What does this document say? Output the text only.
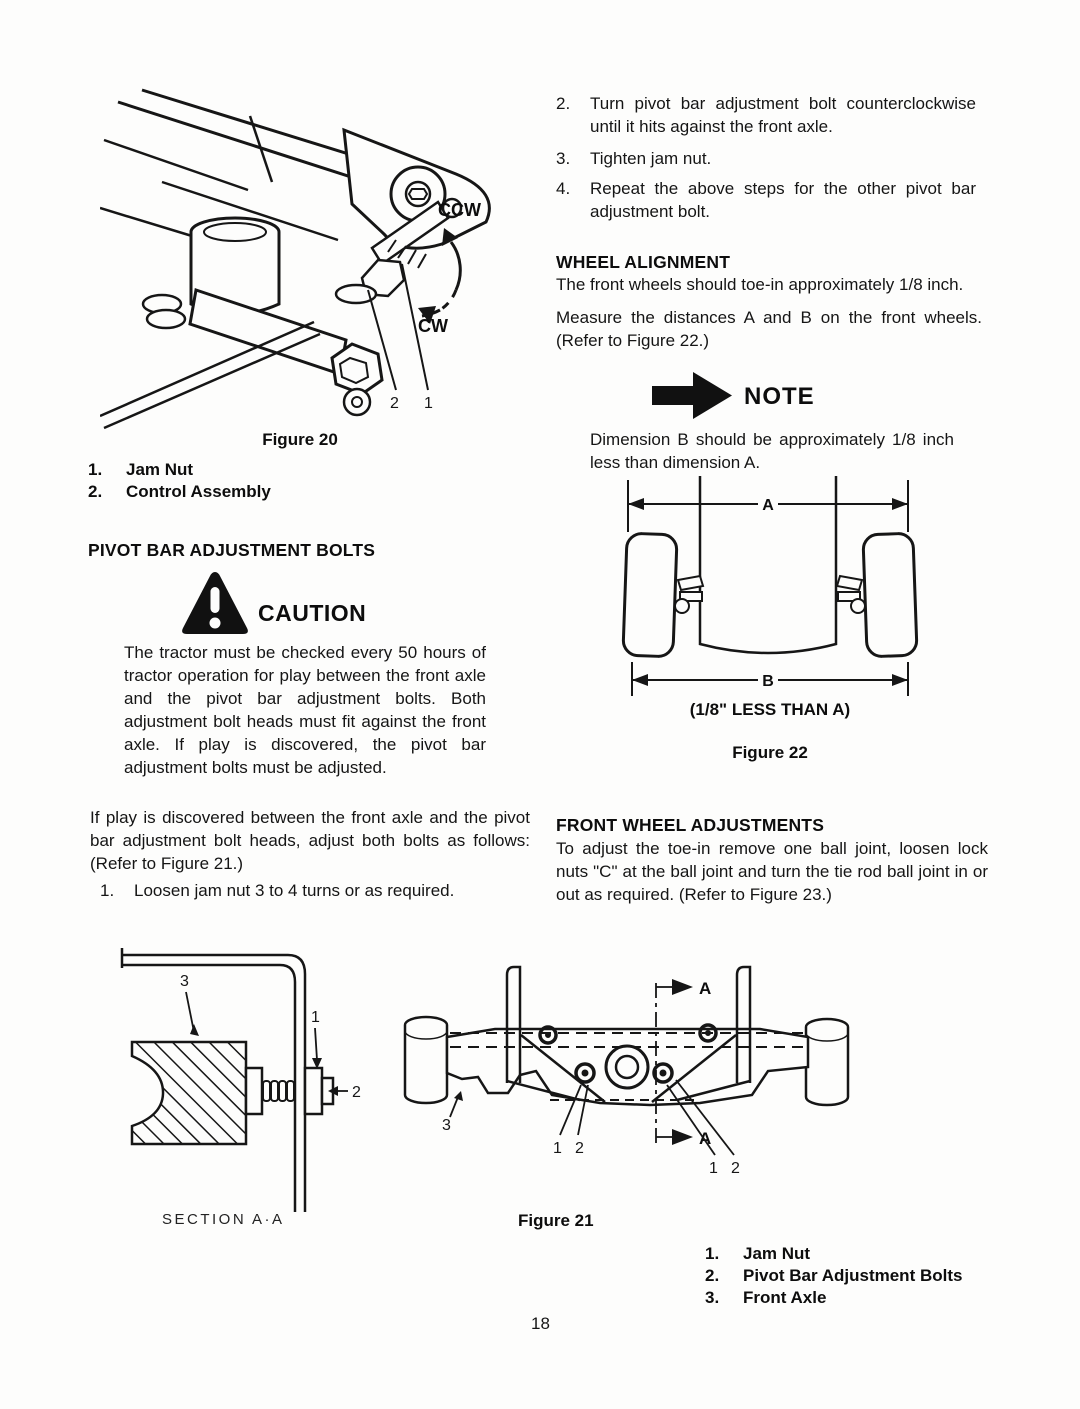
CCW
CW
2 1
Figure 20
1.	Jam Nut
2.	Control Assembly
PIVOT BAR ADJUSTMENT BOLTS
CAUTION
The tractor must be checked every 50 hours of tractor operation for play between the front axle and the pivot bar adjustment bolts. Both adjustment bolt heads must fit against the front axle. If play is discovered, the pivot bar adjustment bolts must be adjusted.
If play is discovered between the front axle and the pivot bar adjustment bolt heads, adjust both bolts as follows: (Refer to Figure 21.)
1.	Loosen jam nut 3 to 4 turns or as required.
3
1
2
SECTION A·A
2.	Turn pivot bar adjustment bolt counterclockwise until it hits against the front axle.
3.	Tighten jam nut.
4.	Repeat the above steps for the other pivot bar adjustment bolt.
WHEEL ALIGNMENT
The front wheels should toe-in approximately 1/8 inch.
Measure the distances A and B on the front wheels. (Refer to Figure 22.)
NOTE
Dimension B should be approximately 1/8 inch less than dimension A.
A
B
(1/8" LESS THAN A)
Figure 22
FRONT WHEEL ADJUSTMENTS
To adjust the toe-in remove one ball joint, loosen lock nuts "C" at the ball joint and turn the tie rod ball joint in or out as required. (Refer to Figure 23.)
A
A
3
1 2
1 2
Figure 21
1.	Jam Nut
2.	Pivot Bar Adjustment Bolts
3.	Front Axle
18
